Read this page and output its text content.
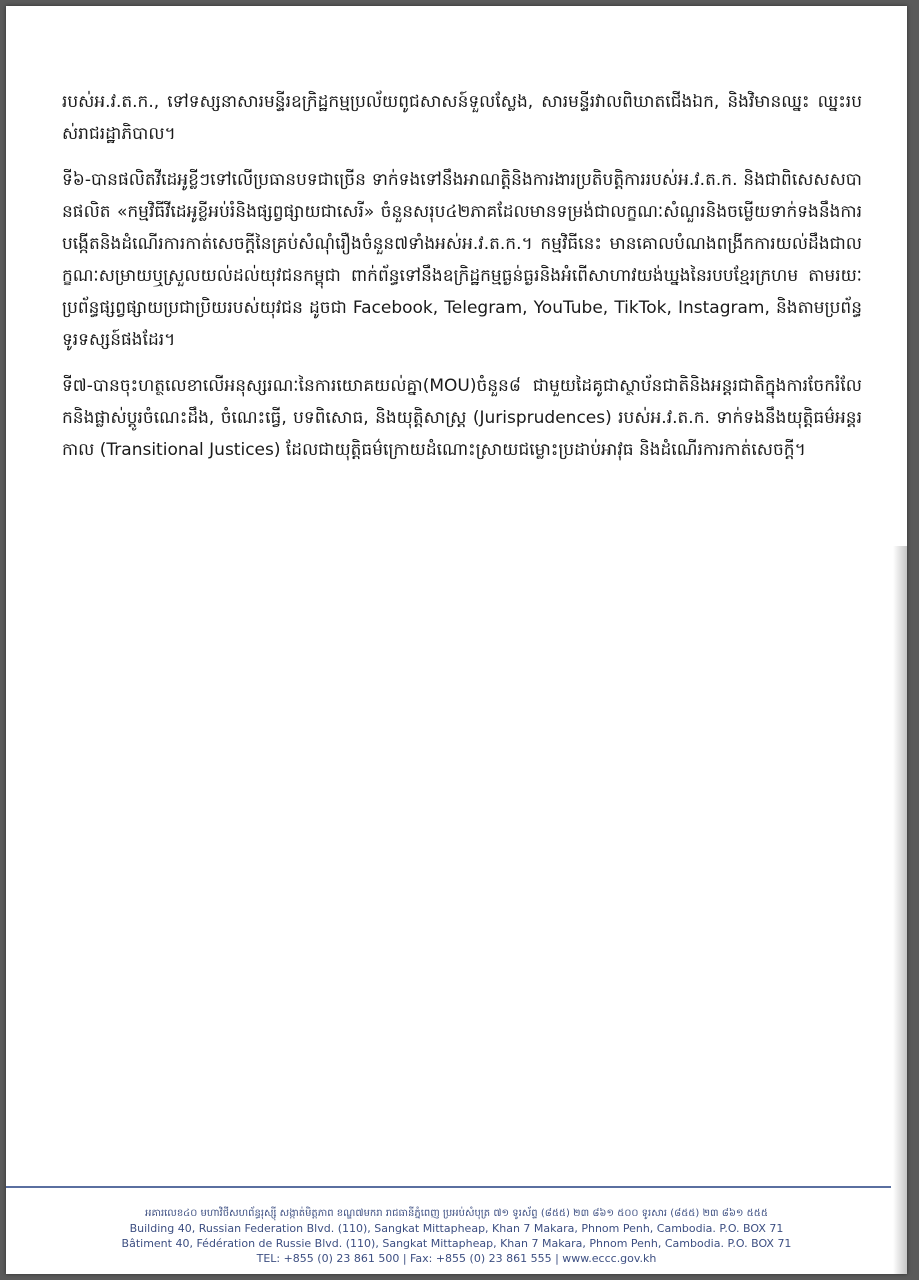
របស់អ.វ.ត.ក., ទៅទស្សនាសារមន្ទីរឧក្រិដ្ឋកម្មប្រល័យពូជសាសន៍ទួលស្លែង, សារមន្ទីរវាលពិឃាតជើងឯក, និងវិមានឈ្នះ ឈ្នះរបស់រាជរដ្ឋាភិបាល។

ទី៦-បានផលិតវីដេអូខ្លីៗទៅលើប្រធានបទជាច្រើន ទាក់ទងទៅនឹងអាណត្តិនិងការងារប្រតិបត្តិការរបស់អ.វ.ត.ក. និងជាពិសេសសបានផលិត «កម្មវិធីវីដេអូខ្លីអប់រំនិងផ្សព្វផ្សាយជាសេរី» ចំនួនសរុប៤២ភាគដែលមានទម្រង់ជាលក្ខណៈសំណួរនិងចម្លើយទាក់ទងនឹងការបង្កើតនិងដំណើរការកាត់សេចក្តីនៃគ្រប់សំណុំរឿងចំនួន៧ទាំងអស់អ.វ.ត.ក.។ កម្មវិធីនេះ មានគោលបំណងពង្រីកការយល់ដឹងជាលក្ខណៈសម្រាយឬស្រួលយល់ដល់យុវជនកម្ពុជា ពាក់ព័ន្ធទៅនឹងឧក្រិដ្ឋកម្មធ្ងន់ធ្ងរនិងអំពើសាហាវយង់ឃ្នងនៃរបបខ្មែរក្រហម តាមរយៈប្រព័ន្ធផ្សព្វផ្សាយប្រជាប្រិយរបស់យុវជន ដូចជា Facebook, Telegram, YouTube, TikTok, Instagram, និងតាមប្រព័ន្ធទូរទស្សន៍ផងដែរ។

ទី៧-បានចុះហត្ថលេខាលើអនុស្សរណៈនៃការយោគយល់គ្នា(MOU)ចំនួន៨ ជាមួយដៃគូជាស្ថាប័នជាតិនិងអន្តរជាតិក្នុងការចែករំលែកនិងផ្លាស់ប្តូរចំណេះដឹង, ចំណេះធ្វើ, បទពិសោធ, និងយុត្តិសាស្ត្រ (Jurisprudences) របស់អ.វ.ត.ក. ទាក់ទងនឹងយុត្តិធម៌អន្តរកាល (Transitional Justices) ដែលជាយុត្តិធម៌ក្រោយដំណោះស្រាយជម្លោះប្រដាប់អាវុធ និងដំណើរការកាត់សេចក្តី។

អគារលេខ៤០ មហាវិថីសហព័ន្ធរុស្ស៊ី សង្កាត់មិត្តភាព ខណ្ឌ៧មករា រាជធានីភ្នំពេញ ប្រអប់សំបុត្រ ៧១ ទូរស័ព្ទ (៨៥៥) ២៣ ៨៦១ ៥០០ ទូរសារ (៨៥៥) ២៣ ៨៦១ ៥៥៥
Building 40, Russian Federation Blvd. (110), Sangkat Mittapheap, Khan 7 Makara, Phnom Penh, Cambodia. P.O. BOX 71
Bâtiment 40, Fédération de Russie Blvd. (110), Sangkat Mittapheap, Khan 7 Makara, Phnom Penh, Cambodia. P.O. BOX 71
TEL: +855 (0) 23 861 500 | Fax: +855 (0) 23 861 555 | www.eccc.gov.kh
